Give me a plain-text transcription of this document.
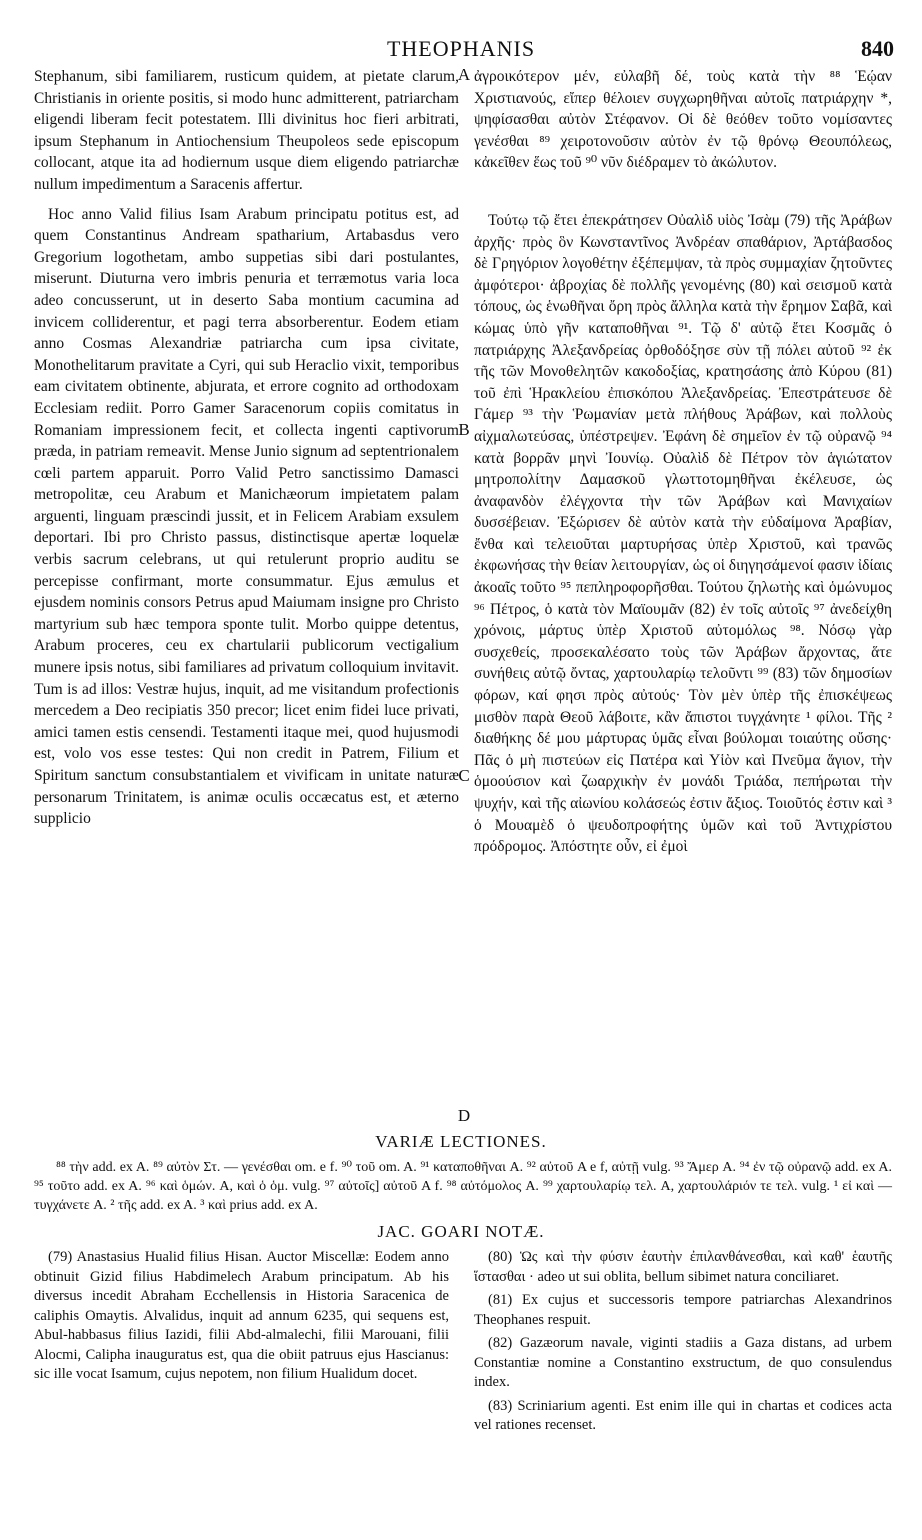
THEOPHANIS	840

Stephanum, sibi familiarem, rusticum quidem, at pietate clarum, Christianis in oriente positis, si modo hunc admitterent, patriarcham eligendi liberam fecit potestatem. Illi divinitus hoc fieri arbitrati, ipsum Stephanum in Antiochensium Theupoleos sede episcopum collocant, atque ita ad hodiernum usque diem eligendo patriarchæ nullum impedimentum a Saracenis affertur.

Hoc anno Valid filius Isam Arabum principatu potitus est, ad quem Constantinus Andream spatharium, Artabasdus vero Gregorium logothetam, ambo suppetias sibi dari postulantes, miserunt. Diuturna vero imbris penuria et terræmotus varia loca adeo concusserunt, ut in deserto Saba montium cacumina ad invicem colliderentur, et pagi terra absorberentur. Eodem etiam anno Cosmas Alexandriæ patriarcha cum ipsa civitate, Monothelitarum pravitate a Cyri, qui sub Heraclio vixit, temporibus eam civitatem obtinente, abjurata, et errore cognito ad orthodoxam Ecclesiam rediit. Porro Gamer Saracenorum copiis comitatus in Romaniam impressionem fecit, et collecta ingenti captivorum præda, in patriam remeavit. Mense Junio signum ad septentrionalem cœli partem apparuit. Porro Valid Petro sanctissimo Damasci metropolitæ, ceu Arabum et Manichæorum impietatem palam arguenti, linguam præscindi jussit, et in Felicem Arabiam exsulem deportari. Ibi pro Christo passus, distinctisque apertæ loquelæ verbis sacrum celebrans, ut qui retulerunt proprio auditu se percepisse confirmant, morte consummatur. Ejus æmulus et ejusdem nominis consors Petrus apud Maiumam insigne pro Christo martyrium sub hæc tempora sponte tulit. Morbo quippe detentus, Arabum proceres, ceu ex chartularii publicorum vectigalium munere ipsis notus, sibi familiares ad privatum colloquium invitavit. Tum is ad illos: Vestræ hujus, inquit, ad me visitandum profectionis mercedem a Deo recipiatis 350 precor; licet enim fidei luce privati, amici tamen estis censendi. Testamenti itaque mei, quod hujusmodi est, volo vos esse testes: Qui non credit in Patrem, Filium et Spiritum sanctum consubstantialem et vivificam in unitate naturæ personarum Trinitatem, is animæ oculis occæcatus est, et æterno supplicio

A
B
C
D

ἀγροικότερον μέν, εὐλαβῆ δέ, τοὺς κατὰ τὴν ⁸⁸ Ἑῴαν Χριστιανούς, εἴπερ θέλοιεν συγχωρηθῆναι αὐτοῖς πατριάρχην *, ψηφίσασθαι αὐτὸν Στέφανον. Οἱ δὲ θεόθεν τοῦτο νομίσαντες γενέσθαι ⁸⁹ χειροτονοῦσιν αὐτὸν ἐν τῷ θρόνῳ Θεουπόλεως, κἀκεῖθεν ἕως τοῦ ⁹⁰ νῦν διέδραμεν τὸ ἀκώλυτον.

Τούτῳ τῷ ἔτει ἐπεκράτησεν Οὐαλὶδ υἱὸς Ἰσὰμ (79) τῆς Ἀράβων ἀρχῆς· πρὸς ὃν Κωνσταντῖνος Ἀνδρέαν σπαθάριον, Ἀρτάβασδος δὲ Γρηγόριον λογοθέτην ἐξέπεμψαν, τὰ πρὸς συμμαχίαν ζητοῦντες ἀμφότεροι· ἀβροχίας δὲ πολλῆς γενομένης (80) καὶ σεισμοῦ κατὰ τόπους, ὡς ἑνωθῆναι ὄρη πρὸς ἄλληλα κατὰ τὴν ἔρημον Σαβᾶ, καὶ κώμας ὑπὸ γῆν καταποθῆναι ⁹¹. Τῷ δ' αὐτῷ ἔτει Κοσμᾶς ὁ πατριάρχης Ἀλεξανδρείας ὀρθοδόξησε σὺν τῇ πόλει αὐτοῦ ⁹² ἐκ τῆς τῶν Μονοθελητῶν κακοδοξίας, κρατησάσης ἀπὸ Κύρου (81) τοῦ ἐπὶ Ἡρακλείου ἐπισκόπου Ἀλεξανδρείας. Ἐπεστράτευσε δὲ Γάμερ ⁹³ τὴν Ῥωμανίαν μετὰ πλήθους Ἀράβων, καὶ πολλοὺς αἰχμαλωτεύσας, ὑπέστρεψεν. Ἐφάνη δὲ σημεῖον ἐν τῷ οὐρανῷ ⁹⁴ κατὰ βορρᾶν μηνὶ Ἰουνίῳ. Οὐαλὶδ δὲ Πέτρον τὸν ἁγιώτατον μητροπολίτην Δαμασκοῦ γλωττοτομηθῆναι ἐκέλευσε, ὡς ἀναφανδὸν ἐλέγχοντα τὴν τῶν Ἀράβων καὶ Μανιχαίων δυσσέβειαν. Ἐξώρισεν δὲ αὐτὸν κατὰ τὴν εὐδαίμονα Ἀραβίαν, ἔνθα καὶ τελειοῦται μαρτυρήσας ὑπὲρ Χριστοῦ, καὶ τρανῶς ἐκφωνήσας τὴν θείαν λειτουργίαν, ὡς οἱ διηγησάμενοί φασιν ἰδίαις ἀκοαῖς τοῦτο ⁹⁵ πεπληροφορῆσθαι. Τούτου ζηλωτὴς καὶ ὁμώνυμος ⁹⁶ Πέτρος, ὁ κατὰ τὸν Μαϊουμᾶν (82) ἐν τοῖς αὐτοῖς ⁹⁷ ἀνεδείχθη χρόνοις, μάρτυς ὑπὲρ Χριστοῦ αὐτομόλως ⁹⁸. Νόσῳ γὰρ συσχεθείς, προσεκαλέσατο τοὺς τῶν Ἀράβων ἄρχοντας, ἅτε συνήθεις αὐτῷ ὄντας, χαρτουλαρίῳ τελοῦντι ⁹⁹ (83) τῶν δημοσίων φόρων, καί φησι πρὸς αὐτούς· Τὸν μὲν ὑπὲρ τῆς ἐπισκέψεως μισθὸν παρὰ Θεοῦ λάβοιτε, κἂν ἄπιστοι τυγχάνητε ¹ φίλοι. Τῆς ² διαθήκης δέ μου μάρτυρας ὑμᾶς εἶναι βούλομαι τοιαύτης οὔσης· Πᾶς ὁ μὴ πιστεύων εἰς Πατέρα καὶ Υἱὸν καὶ Πνεῦμα ἅγιον, τὴν ὁμοούσιον καὶ ζωαρχικὴν ἐν μονάδι Τριάδα, πεπήρωται τὴν ψυχήν, καὶ τῆς αἰωνίου κολάσεώς ἐστιν ἄξιος. Τοιοῦτός ἐστιν καὶ ³ ὁ Μουαμὲδ ὁ ψευδοπροφήτης ὑμῶν καὶ τοῦ Ἀντιχρίστου πρόδρομος. Ἀπόστητε οὖν, εἰ ἐμοὶ

VARIÆ LECTIONES.
⁸⁸ τὴν add. ex A. ⁸⁹ αὐτὸν Στ. — γενέσθαι om. e f. ⁹⁰ τοῦ om. A. ⁹¹ καταποθῆναι A. ⁹² αὐτοῦ A e f, αὐτῇ vulg. ⁹³ Ἄμερ A. ⁹⁴ ἐν τῷ οὐρανῷ add. ex A. ⁹⁵ τοῦτο add. ex A. ⁹⁶ καὶ ὁμών. A, καὶ ὁ ὁμ. vulg. ⁹⁷ αὐτοῖς] αὐτοῦ A f. ⁹⁸ αὐτόμολος A. ⁹⁹ χαρτουλαρίῳ τελ. A, χαρτουλάριόν τε τελ. vulg. ¹ εἰ καὶ — τυγχάνετε A. ² τῆς add. ex A. ³ καὶ prius add. ex A.
JAC. GOARI NOTÆ.

(79) Anastasius Hualid filius Hisan. Auctor Miscellæ: Eodem anno obtinuit Gizid filius Habdimelech Arabum principatum. Ab his diversus incedit Abraham Ecchellensis in Historia Saracenica de caliphis Omaytis. Alvalidus, inquit ad annum 6235, qui sequens est, Abul-habbasus filius Iazidi, filii Abd-almalechi, filii Marouani, filii Alocmi, Calipha inauguratus est, qua die obiit patruus ejus Hascianus: sic ille vocat Isamum, cujus nepotem, non filium Hualidum docet.

(80) Ὡς καὶ τὴν φύσιν ἑαυτὴν ἐπιλανθάνεσθαι, καὶ καθ' ἑαυτῆς ἵστασθαι · adeo ut sui oblita, bellum sibimet natura conciliaret.

(81) Ex cujus et successoris tempore patriarchas Alexandrinos Theophanes respuit.

(82) Gazæorum navale, viginti stadiis a Gaza distans, ad urbem Constantiæ nomine a Constantino exstructum, de quo consulendus index.

(83) Scriniarium agenti. Est enim ille qui in chartas et codices acta vel rationes recenset.
